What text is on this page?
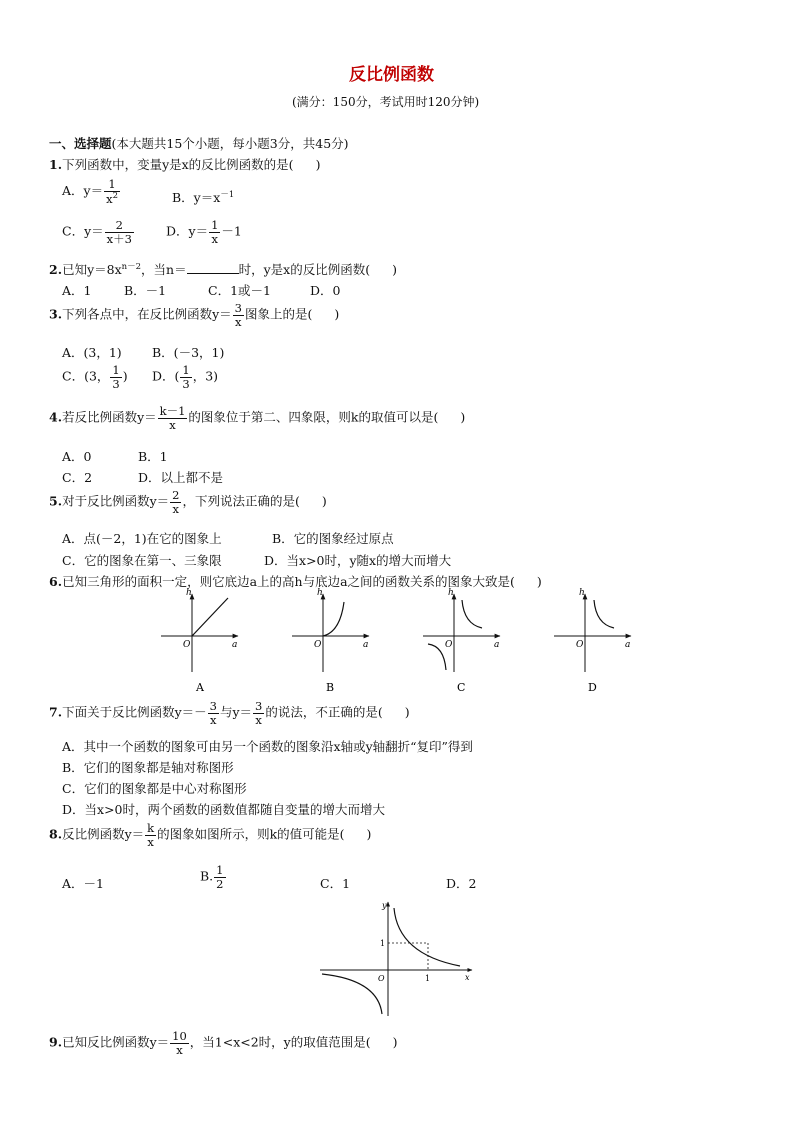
反比例函数
(满分：150分，考试用时120分钟)
一、选择题(本大题共15个小题，每小题3分，共45分)
1.下列函数中，变量y是x的反比例函数的是( )
A．$y= \frac{1}{x^2}$	B．$y=x^{-1}$
C．$y= \frac{2}{x+3}$	D．$y= \frac{1}{x} -1$
2.已知$y=8x^{n-2}$，当n＝	时，y是x的反比例函数( )
A．1	B．－1	C．1或－1	D．0
3.下列各点中，在反比例函数$y= \frac{3}{x}$ 图象上的是( )
A．(3，1) B．(－3，1)
C．(3， $\frac{1}{3}$ ) D．( $\frac{1}{3}$ ，3)
4.若反比例函数$y= \frac{k-1}{x}$ 的图象位于第二、四象限，则k的取值可以是( )
A．0	B．1
C．2	D．以上都不是
5.对于反比例函数$y= \frac{2}{x}$ ，下列说法正确的是( )
A．点(－2，1)在它的图象上	B．它的图象经过原点
C．它的图象在第一、三象限	D．当x>0时，y随x的增大而增大
6.已知三角形的面积一定，则它底边a上的高h与底边a之间的函数关系的图象大致是( )
h
a
O
A
h
a
O
B
h
a
O
C
h
a
O
D
7.下面关于反比例函数$y=- \frac{3}{x}$ 与$y= \frac{3}{x}$ 的说法，不正确的是( )
A．其中一个函数的图象可由另一个函数的图象沿x轴或y轴翻折“复印”得到
B．它们的图象都是轴对称图形
C．它们的图象都是中心对称图形
D．当x>0时，两个函数的函数值都随自变量的增大而增大
8.反比例函数$y= \frac{k}{x}$ 的图象如图所示，则k的值可能是( )
A．－1	B. $\frac{1}{2}$	C．1	D．2
y
x
O
1
1
9.已知反比例函数$y= \frac{10}{x}$ ，当1<x<2时，y的取值范围是( )
